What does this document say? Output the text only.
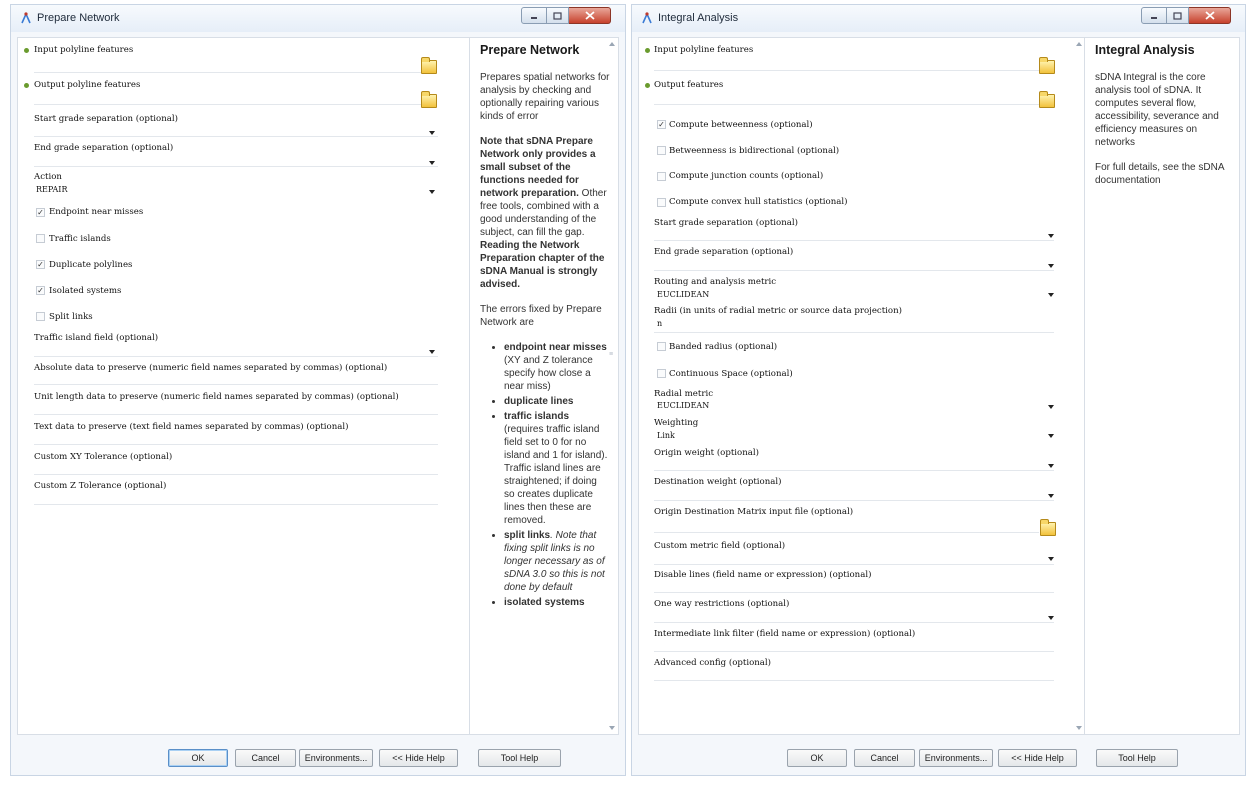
Prepare Network
Input polyline features
Output polyline features
Start grade separation (optional)
End grade separation (optional)
Action
REPAIR
✓ Endpoint near misses
Traffic islands
✓ Duplicate polylines
✓ Isolated systems
Split links
Traffic island field (optional)
Absolute data to preserve (numeric field names separated by commas) (optional)
Unit length data to preserve (numeric field names separated by commas) (optional)
Text data to preserve (text field names separated by commas) (optional)
Custom XY Tolerance (optional)
Custom Z Tolerance (optional)
Prepare Network

Prepares spatial networks for analysis by checking and optionally repairing various kinds of error

Note that sDNA Prepare Network only provides a small subset of the functions needed for network preparation. Other free tools, combined with a good understanding of the subject, can fill the gap. Reading the Network Preparation chapter of the sDNA Manual is strongly advised.

The errors fixed by Prepare Network are

• endpoint near misses (XY and Z tolerance specify how close a near miss)
• duplicate lines
• traffic islands (requires traffic island field set to 0 for no island and 1 for island). Traffic island lines are straightened; if doing so creates duplicate lines then these are removed.
• split links. Note that fixing split links is no longer necessary as of sDNA 3.0 so this is not done by default
• isolated systems
≡
OK	Cancel	Environments...	<< Hide Help	Tool Help
Integral Analysis
Input polyline features
Output features
✓ Compute betweenness (optional)
Betweenness is bidirectional (optional)
Compute junction counts (optional)
Compute convex hull statistics (optional)
Start grade separation (optional)
End grade separation (optional)
Routing and analysis metric
EUCLIDEAN
Radii (in units of radial metric or source data projection)
n
Banded radius (optional)
Continuous Space (optional)
Radial metric
EUCLIDEAN
Weighting
Link
Origin weight (optional)
Destination weight (optional)
Origin Destination Matrix input file (optional)
Custom metric field (optional)
Disable lines (field name or expression) (optional)
One way restrictions (optional)
Intermediate link filter (field name or expression) (optional)
Advanced config (optional)
Integral Analysis

sDNA Integral is the core analysis tool of sDNA. It computes several flow, accessibility, severance and efficiency measures on networks

For full details, see the sDNA documentation

OK	Cancel	Environments...	<< Hide Help	Tool Help
